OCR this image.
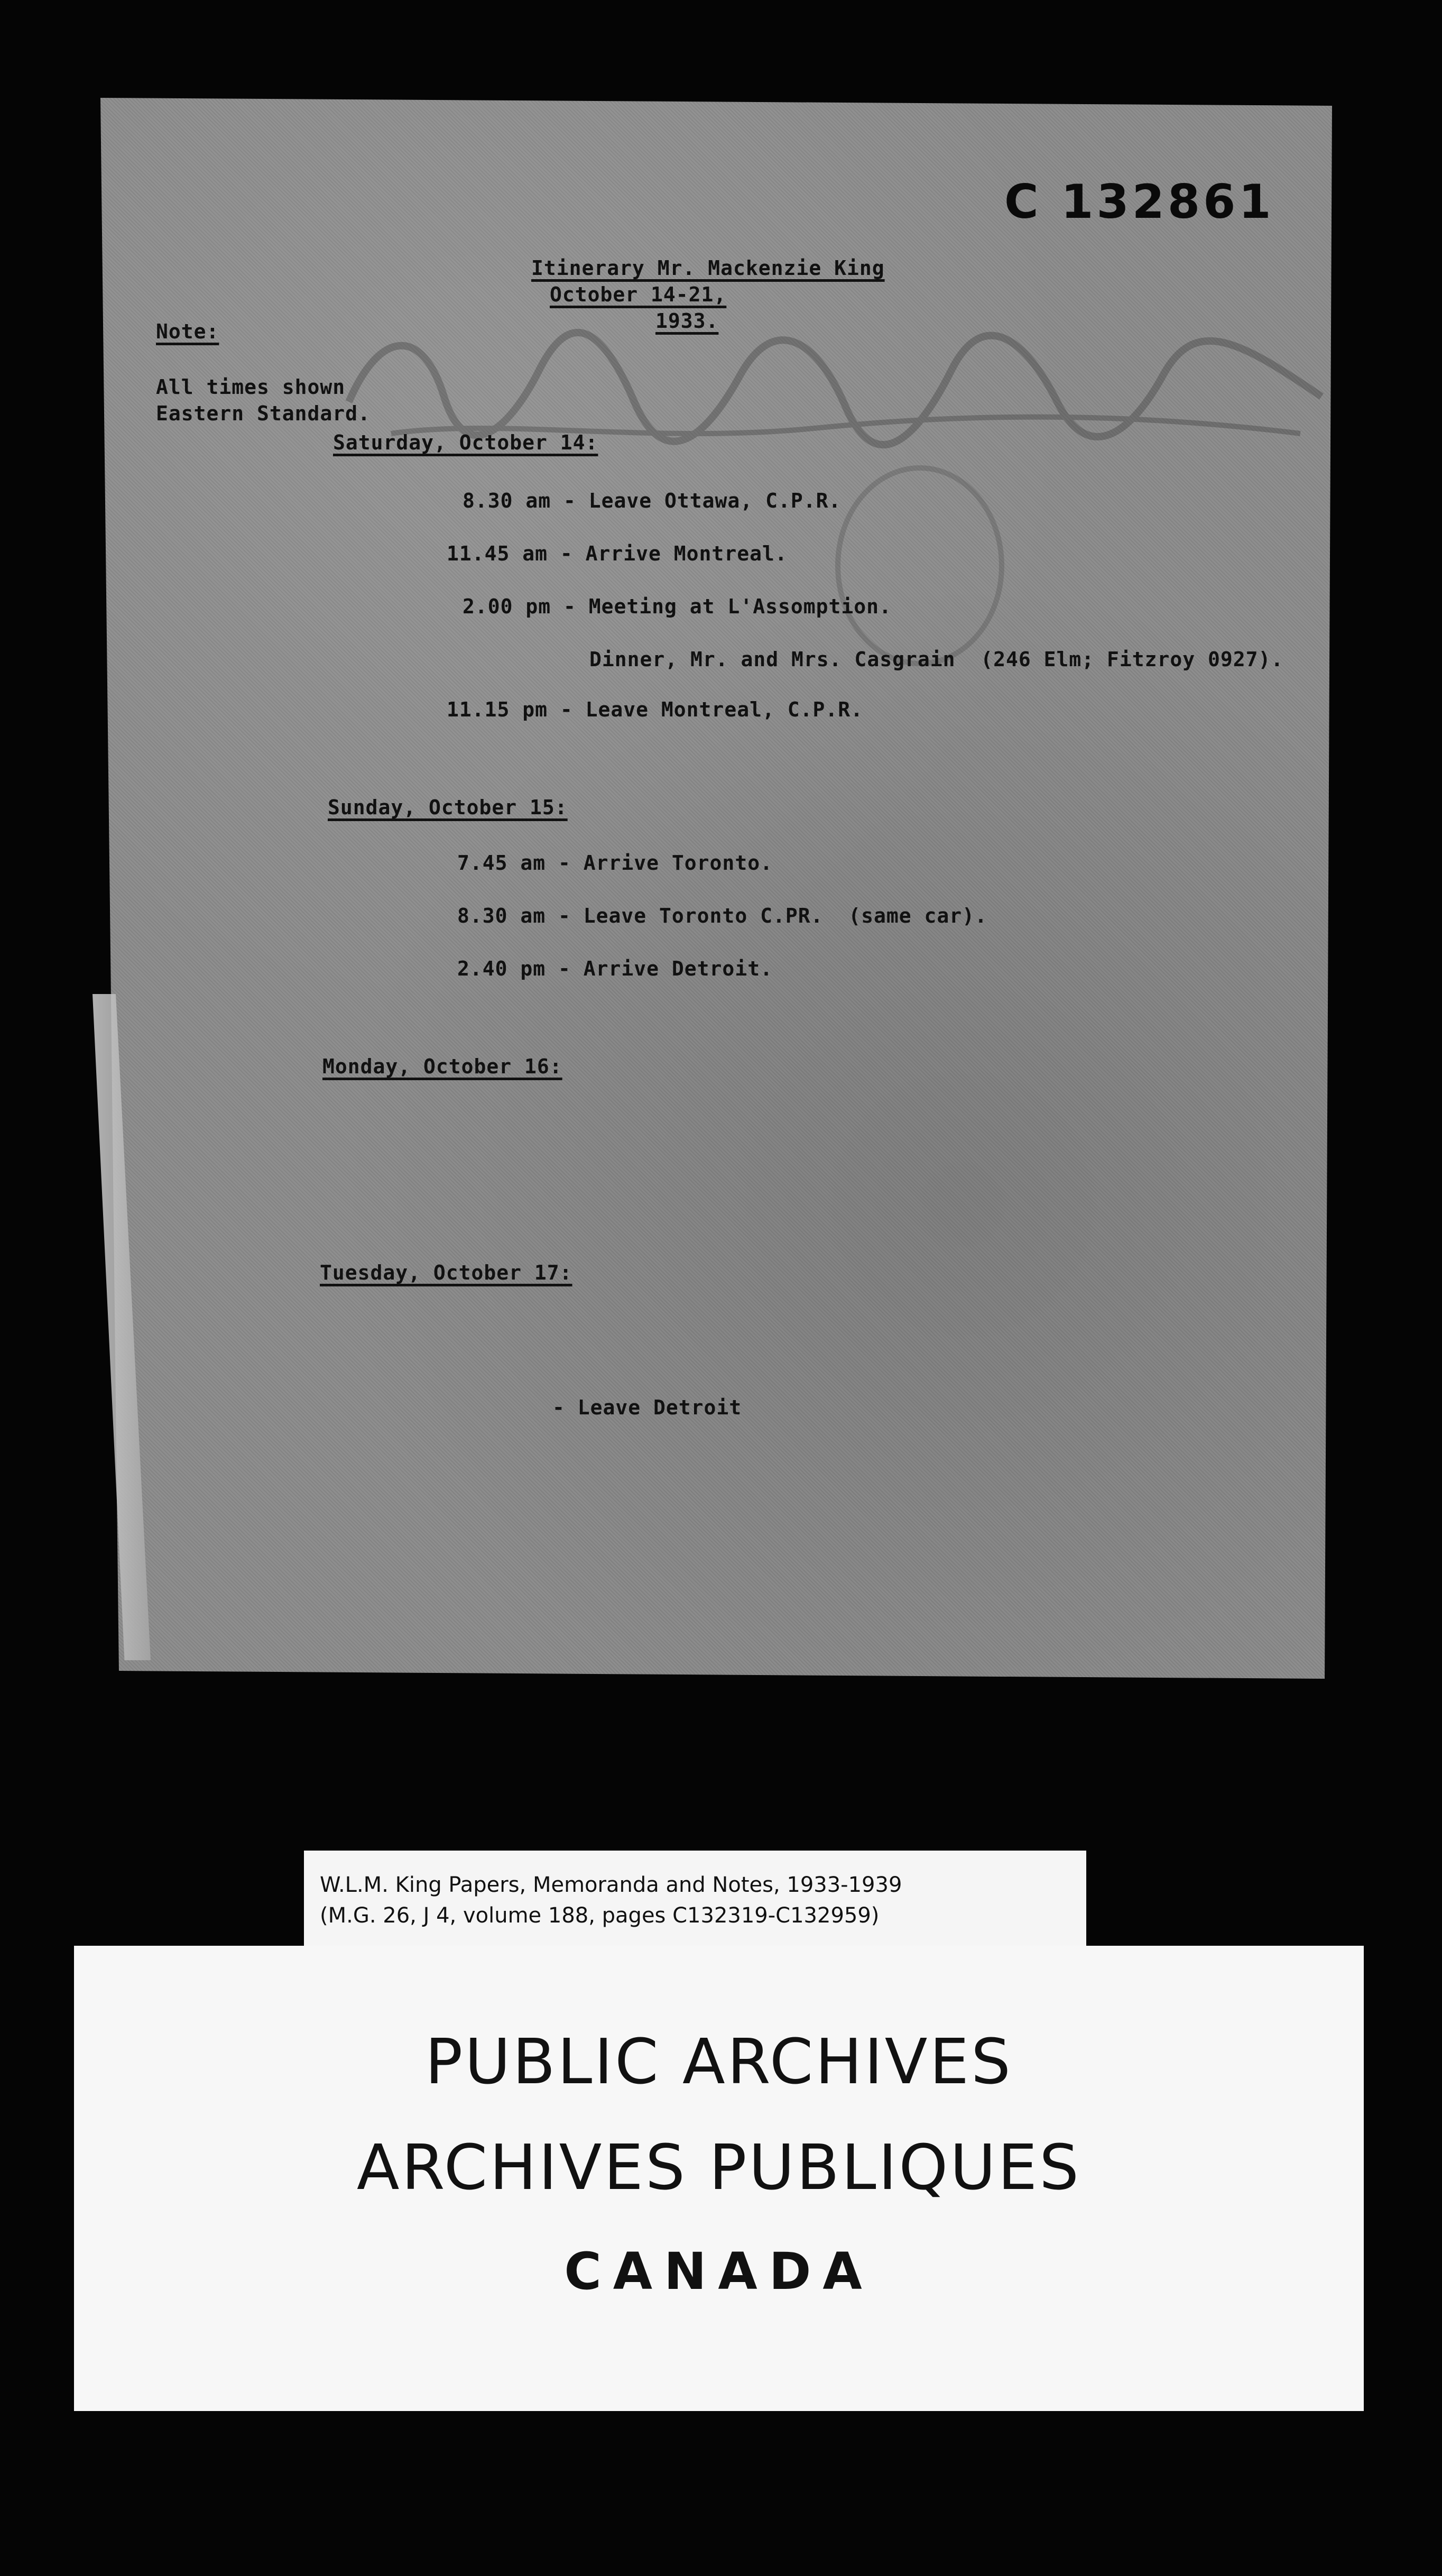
C 132861
Itinerary Mr. Mackenzie King
October 14-21,
1933.
Note:
All times shown
Eastern Standard.
Saturday, October 14:
8.30 am - Leave Ottawa, C.P.R.
11.45 am - Arrive Montreal.
2.00 pm - Meeting at L'Assomption.
Dinner, Mr. and Mrs. Casgrain  (246 Elm; Fitzroy 0927).
11.15 pm - Leave Montreal, C.P.R.
Sunday, October 15:
7.45 am - Arrive Toronto.
8.30 am - Leave Toronto C.PR.  (same car).
2.40 pm - Arrive Detroit.
Monday, October 16:
Tuesday, October 17:
- Leave Detroit
W.L.M. King Papers, Memoranda and Notes, 1933-1939
(M.G. 26, J 4, volume 188, pages C132319-C132959)
PUBLIC ARCHIVES
ARCHIVES PUBLIQUES
CANADA
